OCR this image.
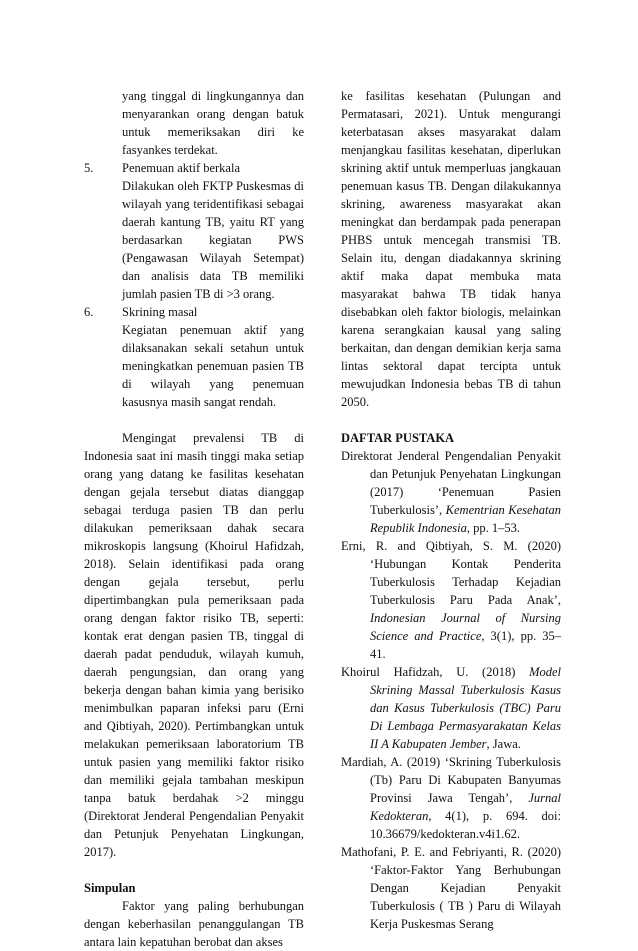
yang tinggal di lingkungannya dan menyarankan orang dengan batuk untuk memeriksakan diri ke fasyankes terdekat.

5. Penemuan aktif berkala

Dilakukan oleh FKTP Puskesmas di wilayah yang teridentifikasi sebagai daerah kantung TB, yaitu RT yang berdasarkan kegiatan PWS (Pengawasan Wilayah Setempat) dan analisis data TB memiliki jumlah pasien TB di >3 orang.

6. Skrining masal

Kegiatan penemuan aktif yang dilaksanakan sekali setahun untuk meningkatkan penemuan pasien TB di wilayah yang penemuan kasusnya masih sangat rendah.

Mengingat prevalensi TB di Indonesia saat ini masih tinggi maka setiap orang yang datang ke fasilitas kesehatan dengan gejala tersebut diatas dianggap sebagai terduga pasien TB dan perlu dilakukan pemeriksaan dahak secara mikroskopis langsung (Khoirul Hafidzah, 2018). Selain identifikasi pada orang dengan gejala tersebut, perlu dipertimbangkan pula pemeriksaan pada orang dengan faktor risiko TB, seperti: kontak erat dengan pasien TB, tinggal di daerah padat penduduk, wilayah kumuh, daerah pengungsian, dan orang yang bekerja dengan bahan kimia yang berisiko menimbulkan paparan infeksi paru (Erni and Qibtiyah, 2020). Pertimbangkan untuk melakukan pemeriksaan laboratorium TB untuk pasien yang memiliki faktor risiko dan memiliki gejala tambahan meskipun tanpa batuk berdahak >2 minggu (Direktorat Jenderal Pengendalian Penyakit dan Petunjuk Penyehatan Lingkungan, 2017).

Simpulan

Faktor yang paling berhubungan dengan keberhasilan penanggulangan TB antara lain kepatuhan berobat dan akses

ke fasilitas kesehatan (Pulungan and Permatasari, 2021). Untuk mengurangi keterbatasan akses masyarakat dalam menjangkau fasilitas kesehatan, diperlukan skrining aktif untuk memperluas jangkauan penemuan kasus TB. Dengan dilakukannya skrining, awareness masyarakat akan meningkat dan berdampak pada penerapan PHBS untuk mencegah transmisi TB. Selain itu, dengan diadakannya skrining aktif maka dapat membuka mata masyarakat bahwa TB tidak hanya disebabkan oleh faktor biologis, melainkan karena serangkaian kausal yang saling berkaitan, dan dengan demikian kerja sama lintas sektoral dapat tercipta untuk mewujudkan Indonesia bebas TB di tahun 2050.

DAFTAR PUSTAKA

Direktorat Jenderal Pengendalian Penyakit dan Petunjuk Penyehatan Lingkungan (2017) ‘Penemuan Pasien Tuberkulosis’, Kementrian Kesehatan Republik Indonesia, pp. 1–53.

Erni, R. and Qibtiyah, S. M. (2020) ‘Hubungan Kontak Penderita Tuberkulosis Terhadap Kejadian Tuberkulosis Paru Pada Anak’, Indonesian Journal of Nursing Science and Practice, 3(1), pp. 35–41.

Khoirul Hafidzah, U. (2018) Model Skrining Massal Tuberkulosis Kasus dan Kasus Tuberkulosis (TBC) Paru Di Lembaga Permasyarakatan Kelas II A Kabupaten Jember, Jawa.

Mardiah, A. (2019) ‘Skrining Tuberkulosis (Tb) Paru Di Kabupaten Banyumas Provinsi Jawa Tengah’, Jurnal Kedokteran, 4(1), p. 694. doi: 10.36679/kedokteran.v4i1.62.

Mathofani, P. E. and Febriyanti, R. (2020) ‘Faktor-Faktor Yang Berhubungan Dengan Kejadian Penyakit Tuberkulosis ( TB ) Paru di Wilayah Kerja Puskesmas Serang
